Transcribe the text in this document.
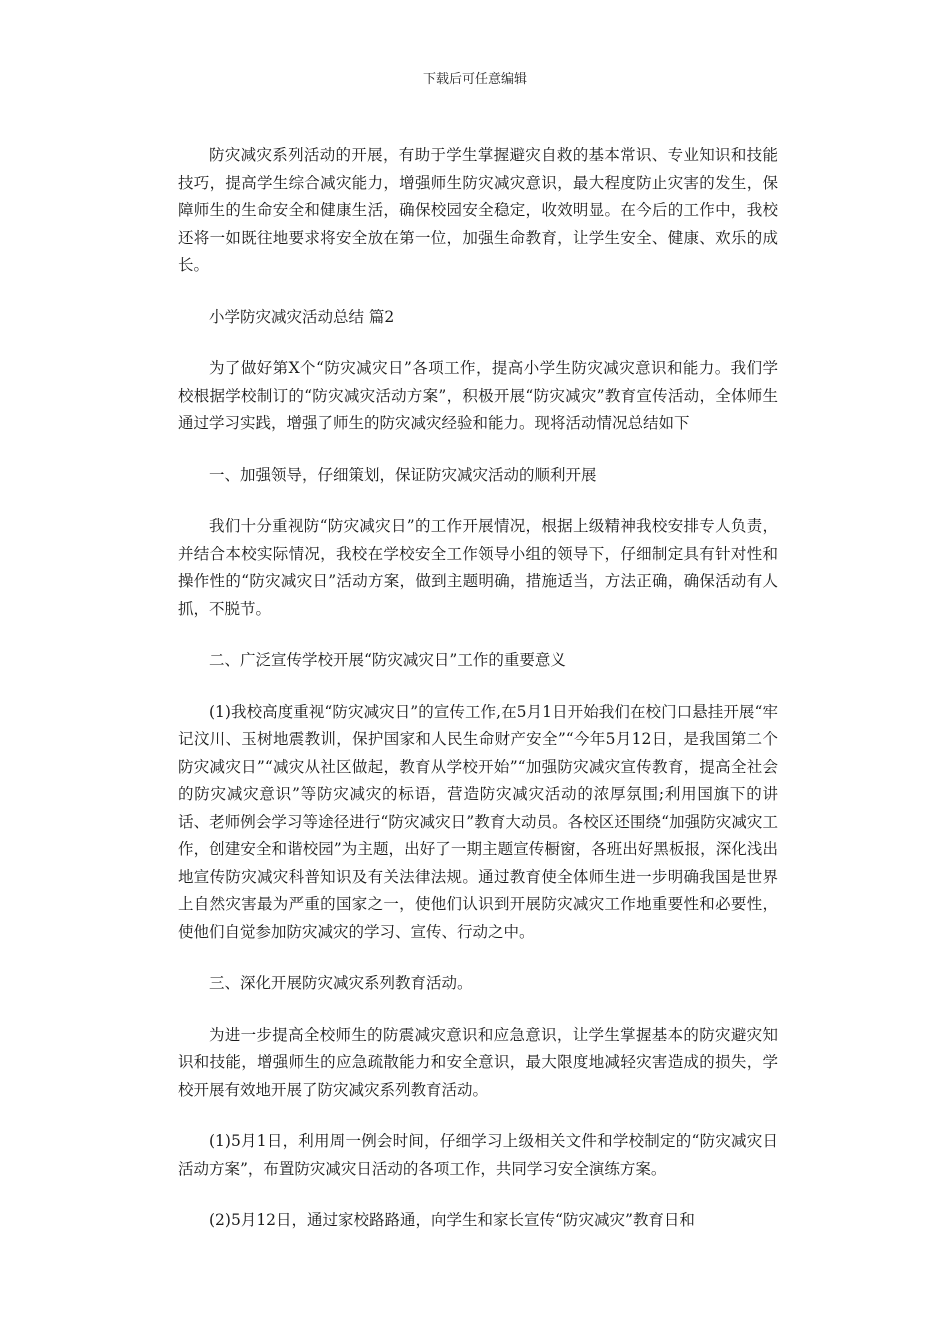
下载后可任意编辑

防灾减灾系列活动的开展，有助于学生掌握避灾自救的基本常识、专业知识和技能技巧，提高学生综合减灾能力，增强师生防灾减灾意识，最大程度防止灾害的发生，保障师生的生命安全和健康生活，确保校园安全稳定，收效明显。在今后的工作中，我校还将一如既往地要求将安全放在第一位，加强生命教育，让学生安全、健康、欢乐的成长。

小学防灾减灾活动总结 篇2

为了做好第X个“防灾减灾日”各项工作，提高小学生防灾减灾意识和能力。我们学校根据学校制订的“防灾减灾活动方案”，积极开展“防灾减灾”教育宣传活动，全体师生通过学习实践，增强了师生的防灾减灾经验和能力。现将活动情况总结如下

一、加强领导，仔细策划，保证防灾减灾活动的顺利开展

我们十分重视防“防灾减灾日”的工作开展情况，根据上级精神我校安排专人负责，并结合本校实际情况，我校在学校安全工作领导小组的领导下，仔细制定具有针对性和操作性的“防灾减灾日”活动方案，做到主题明确，措施适当，方法正确，确保活动有人抓，不脱节。

二、广泛宣传学校开展“防灾减灾日”工作的重要意义

(1)我校高度重视“防灾减灾日”的宣传工作,在5月1日开始我们在校门口悬挂开展“牢记汶川、玉树地震教训，保护国家和人民生命财产安全”“今年5月12日，是我国第二个防灾减灾日”“减灾从社区做起，教育从学校开始”“加强防灾减灾宣传教育，提高全社会的防灾减灾意识”等防灾减灾的标语，营造防灾减灾活动的浓厚氛围;利用国旗下的讲话、老师例会学习等途径进行“防灾减灾日”教育大动员。各校区还围绕“加强防灾减灾工作，创建安全和谐校园”为主题，出好了一期主题宣传橱窗，各班出好黑板报，深化浅出地宣传防灾减灾科普知识及有关法律法规。通过教育使全体师生进一步明确我国是世界上自然灾害最为严重的国家之一，使他们认识到开展防灾减灾工作地重要性和必要性，使他们自觉参加防灾减灾的学习、宣传、行动之中。

三、深化开展防灾减灾系列教育活动。

为进一步提高全校师生的防震减灾意识和应急意识，让学生掌握基本的防灾避灾知识和技能，增强师生的应急疏散能力和安全意识，最大限度地减轻灾害造成的损失，学校开展有效地开展了防灾减灾系列教育活动。

(1)5月1日，利用周一例会时间，仔细学习上级相关文件和学校制定的“防灾减灾日活动方案”，布置防灾减灾日活动的各项工作，共同学习安全演练方案。

(2)5月12日，通过家校路路通，向学生和家长宣传“防灾减灾”教育日和
